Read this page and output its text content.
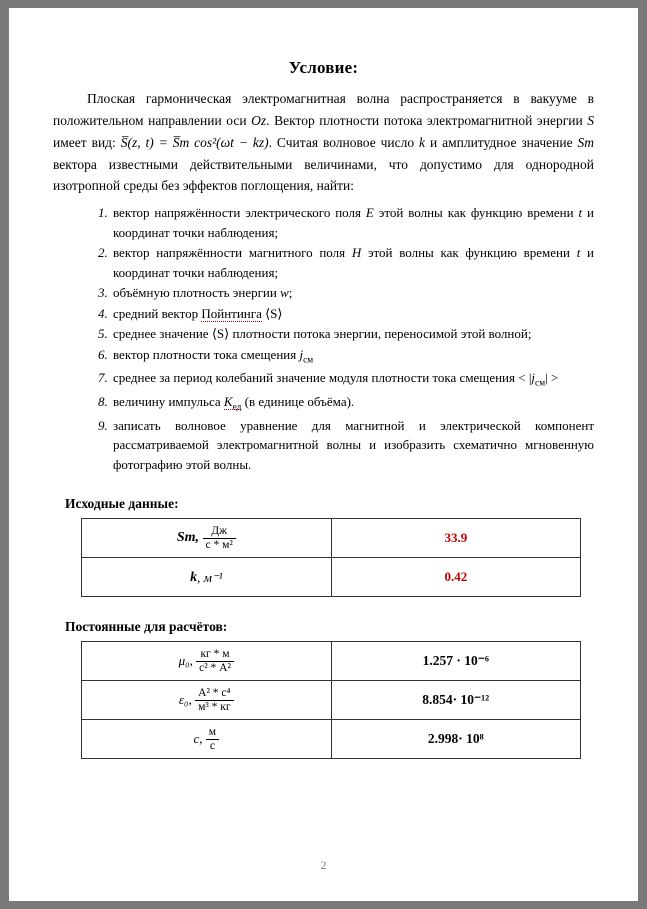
Условие:

Плоская гармоническая электромагнитная волна распространяется в вакууме в положительном направлении оси Oz. Вектор плотности потока электромагнитной энергии S имеет вид: S̅(z, t) = S̅m cos²(ωt − kz). Считая волновое число k и амплитудное значение Sm вектора известными действительными величинами, что допустимо для однородной изотропной среды без эффектов поглощения, найти:

1. вектор напряжённости электрического поля E этой волны как функцию времени t и координат точки наблюдения;
2. вектор напряжённости магнитного поля H этой волны как функцию времени t и координат точки наблюдения;
3. объёмную плотность энергии w;
4. средний вектор Пойнтинга ⟨S⟩
5. среднее значение ⟨S⟩ плотности потока энергии, переносимой этой волной;
6. вектор плотности тока смещения $j_{см}$
7. среднее за период колебаний значение модуля плотности тока смещения < $|j_{см}|$ >
8. величину импульса $K_{ед}$ (в единице объёма).
9. записать волновое уравнение для магнитной и электрической компонент рассматриваемой электромагнитной волны и изобразить схематично мгновенную фотографию этой волны.
Исходные данные:
Sm, $\frac{Дж}{\text{с * м²}}$	33.9
k, м⁻¹	0.42
Постоянные для расчётов:
μ₀, $\frac{кг * м}{\text{с² * А²}}$	1.257 · 10⁻⁶
ε₀, $\frac{\text{А² * с⁴}}{\text{м³ * кг}}$	8.854· 10⁻¹²
с, $\frac{м}{с}$	2.998· 10⁸
2
